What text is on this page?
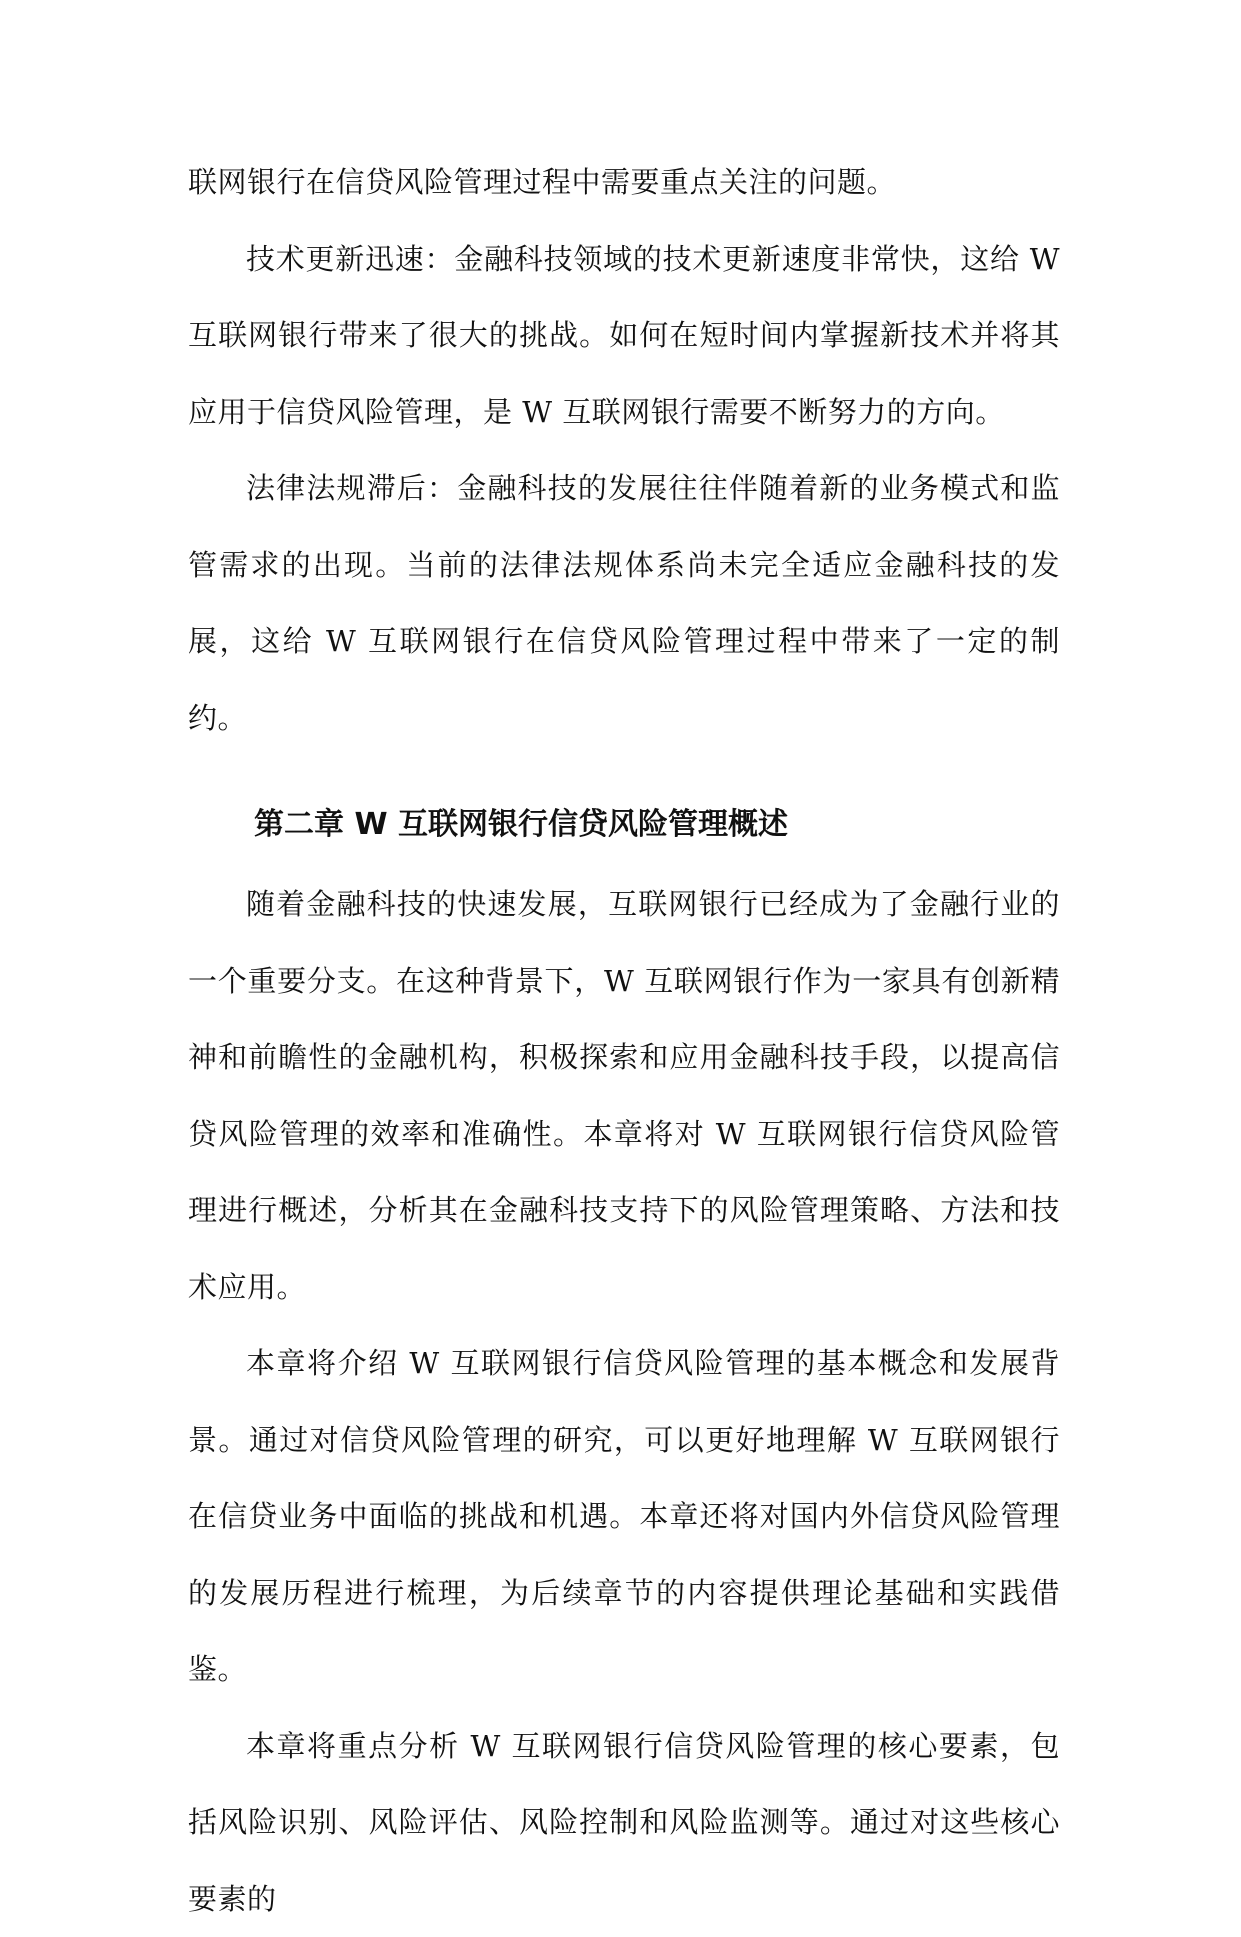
联网银行在信贷风险管理过程中需要重点关注的问题。

技术更新迅速：金融科技领域的技术更新速度非常快，这给 W 互联网银行带来了很大的挑战。如何在短时间内掌握新技术并将其应用于信贷风险管理，是 W 互联网银行需要不断努力的方向。

法律法规滞后：金融科技的发展往往伴随着新的业务模式和监管需求的出现。当前的法律法规体系尚未完全适应金融科技的发展，这给 W 互联网银行在信贷风险管理过程中带来了一定的制约。

第二章 W 互联网银行信贷风险管理概述

随着金融科技的快速发展，互联网银行已经成为了金融行业的一个重要分支。在这种背景下，W 互联网银行作为一家具有创新精神和前瞻性的金融机构，积极探索和应用金融科技手段，以提高信贷风险管理的效率和准确性。本章将对 W 互联网银行信贷风险管理进行概述，分析其在金融科技支持下的风险管理策略、方法和技术应用。

本章将介绍 W 互联网银行信贷风险管理的基本概念和发展背景。通过对信贷风险管理的研究，可以更好地理解 W 互联网银行在信贷业务中面临的挑战和机遇。本章还将对国内外信贷风险管理的发展历程进行梳理，为后续章节的内容提供理论基础和实践借鉴。

本章将重点分析 W 互联网银行信贷风险管理的核心要素，包括风险识别、风险评估、风险控制和风险监测等。通过对这些核心要素的
